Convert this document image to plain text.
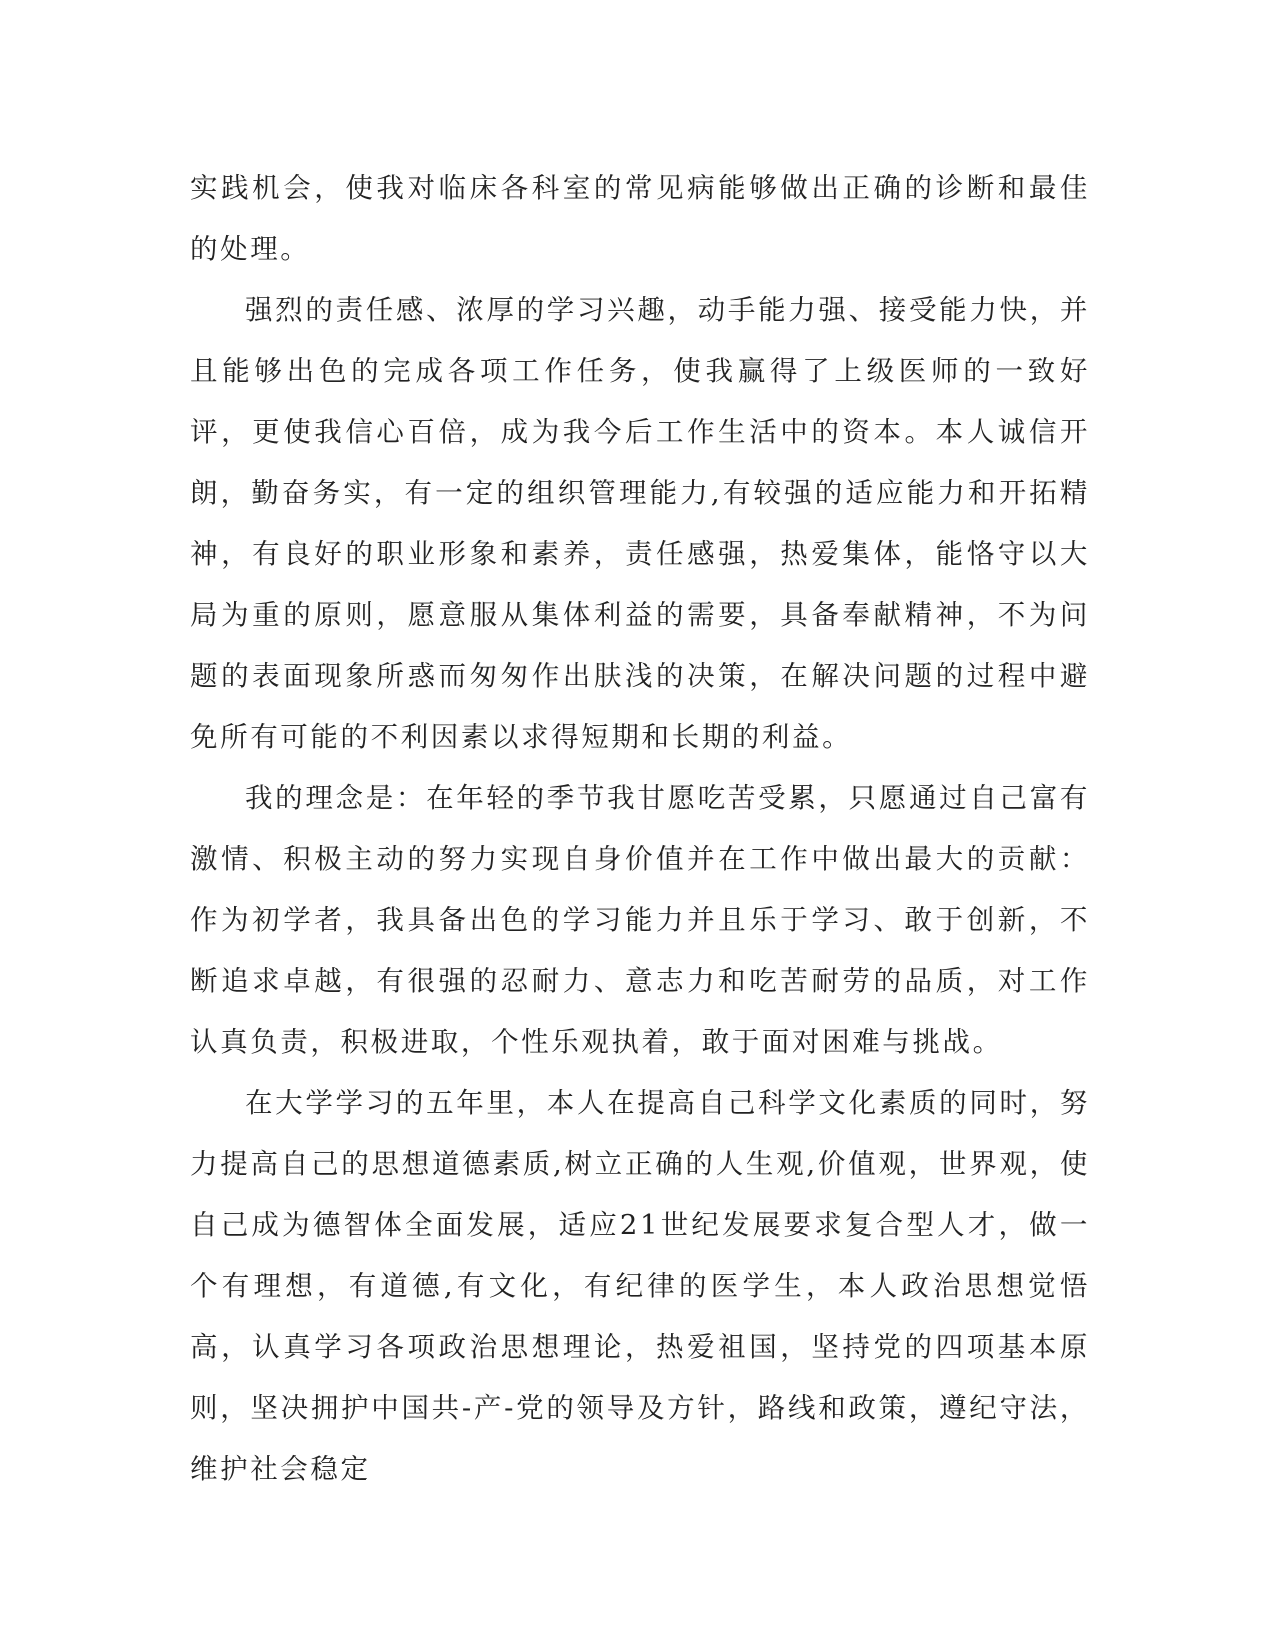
实践机会，使我对临床各科室的常见病能够做出正确的诊断和最佳的处理。

强烈的责任感、浓厚的学习兴趣，动手能力强、接受能力快，并且能够出色的完成各项工作任务，使我赢得了上级医师的一致好评，更使我信心百倍，成为我今后工作生活中的资本。本人诚信开朗，勤奋务实，有一定的组织管理能力,有较强的适应能力和开拓精神，有良好的职业形象和素养，责任感强，热爱集体，能恪守以大局为重的原则，愿意服从集体利益的需要，具备奉献精神，不为问题的表面现象所惑而匆匆作出肤浅的决策，在解决问题的过程中避免所有可能的不利因素以求得短期和长期的利益。

我的理念是：在年轻的季节我甘愿吃苦受累，只愿通过自己富有激情、积极主动的努力实现自身价值并在工作中做出最大的贡献：作为初学者，我具备出色的学习能力并且乐于学习、敢于创新，不断追求卓越，有很强的忍耐力、意志力和吃苦耐劳的品质，对工作认真负责，积极进取，个性乐观执着，敢于面对困难与挑战。

在大学学习的五年里，本人在提高自己科学文化素质的同时，努力提高自己的思想道德素质,树立正确的人生观,价值观，世界观，使自己成为德智体全面发展，适应21世纪发展要求复合型人才，做一个有理想，有道德,有文化，有纪律的医学生，本人政治思想觉悟高，认真学习各项政治思想理论，热爱祖国，坚持党的四项基本原则，坚决拥护中国共-产-党的领导及方针，路线和政策，遵纪守法，维护社会稳定
